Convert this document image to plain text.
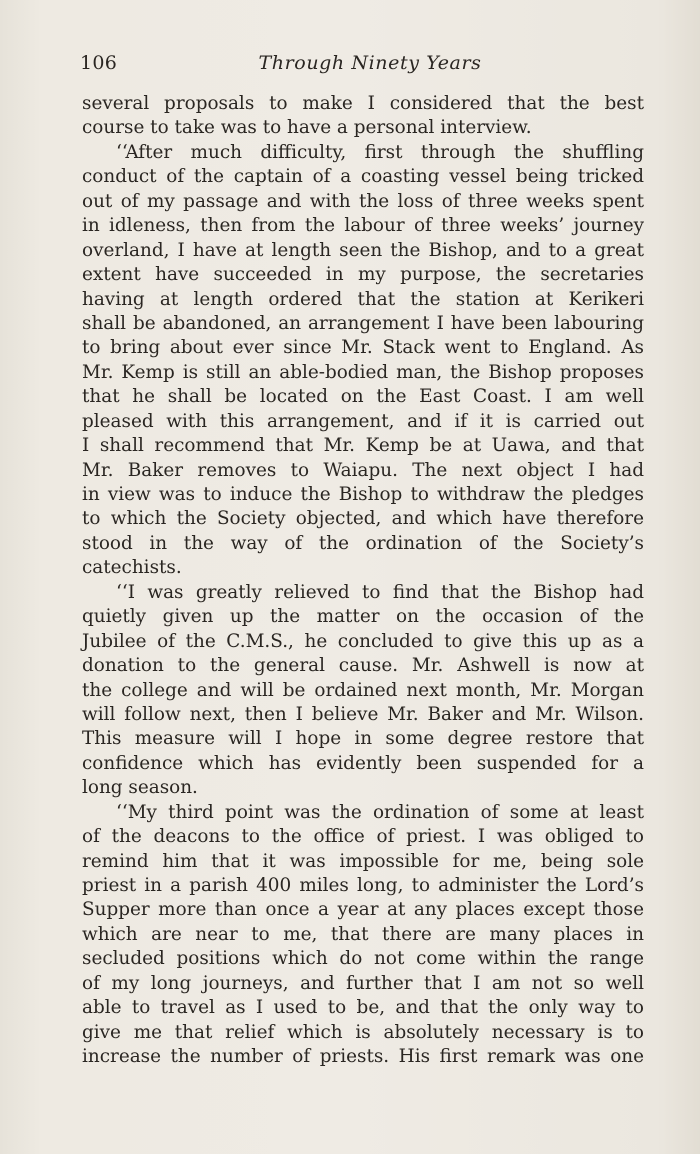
106	Through Ninety Years
several proposals to make I considered that the best
course to take was to have a personal interview.
‘‘After much difficulty, first through the shuffling
conduct of the captain of a coasting vessel being tricked
out of my passage and with the loss of three weeks spent
in idleness, then from the labour of three weeks’ journey
overland, I have at length seen the Bishop, and to a great
extent have succeeded in my purpose, the secretaries
having at length ordered that the station at Kerikeri
shall be abandoned, an arrangement I have been labouring
to bring about ever since Mr. Stack went to England. As
Mr. Kemp is still an able-bodied man, the Bishop proposes
that he shall be located on the East Coast. I am well
pleased with this arrangement, and if it is carried out
I shall recommend that Mr. Kemp be at Uawa, and that
Mr. Baker removes to Waiapu. The next object I had
in view was to induce the Bishop to withdraw the pledges
to which the Society objected, and which have therefore
stood in the way of the ordination of the Society’s
catechists.
‘‘I was greatly relieved to find that the Bishop had
quietly given up the matter on the occasion of the
Jubilee of the C.M.S., he concluded to give this up as a
donation to the general cause. Mr. Ashwell is now at
the college and will be ordained next month, Mr. Morgan
will follow next, then I believe Mr. Baker and Mr. Wilson.
This measure will I hope in some degree restore that
confidence which has evidently been suspended for a
long season.
‘‘My third point was the ordination of some at least
of the deacons to the office of priest. I was obliged to
remind him that it was impossible for me, being sole
priest in a parish 400 miles long, to administer the Lord’s
Supper more than once a year at any places except those
which are near to me, that there are many places in
secluded positions which do not come within the range
of my long journeys, and further that I am not so well
able to travel as I used to be, and that the only way to
give me that relief which is absolutely necessary is to
increase the number of priests. His first remark was one
